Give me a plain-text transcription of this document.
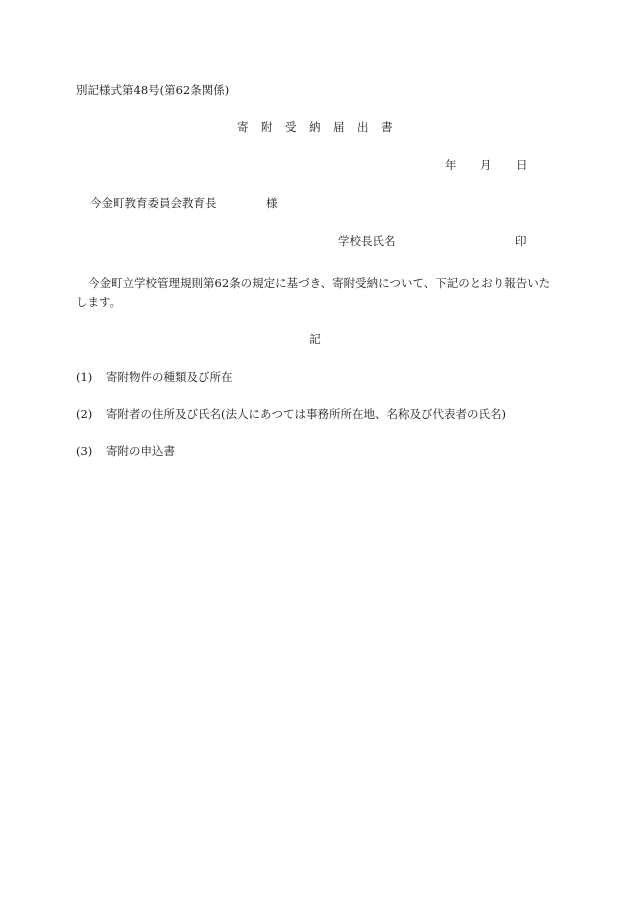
別記様式第48号(第62条関係)
寄　附　受　納　届　出　書
年 月 日
今金町教育委員会教育長	様
学校長氏名	印
今金町立学校管理規則第62条の規定に基づき、寄附受納について、下記のとおり報告いたします。
記
(1) 寄附物件の種類及び所在
(2) 寄附者の住所及び氏名(法人にあつては事務所所在地、名称及び代表者の氏名)
(3) 寄附の申込書
